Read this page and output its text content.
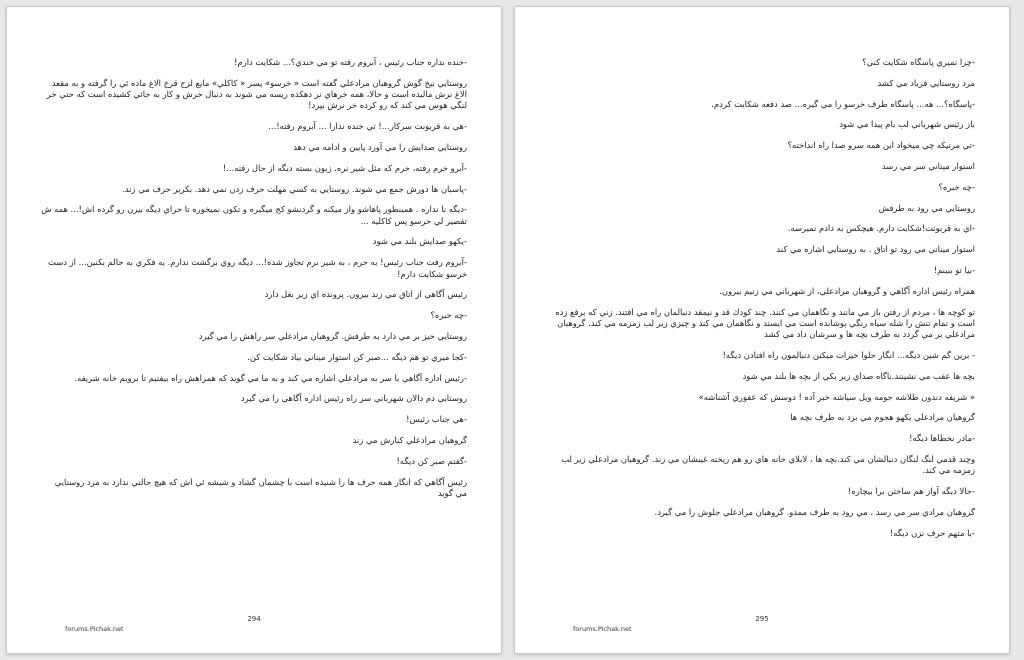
-خنده نداره جناب رئيس ، آبروم رفته تو مي خندي؟... شکايت دارم!

روستايي نيخ گوش گروهبان مرادعلي گفته است « خرسو» پسر « كاكلي» مايع لزج قرخ الاغ ماده ئي را گرفته و به مقعد الاغ نرش ماليده است و حالا، همه خرهاي نر دهكده ريسه مي شوند به دنبال خرش و كار به جائي كشيده است كه حتي خر لنگي هوس مي كند كه رو كرده خر نرش بپرد!

-هي به قربونت سركار...! تي خنده ندارا ... آبروم رفته!...

روستايي صدايش را مي آورد پايين و ادامه مي دهد

-آبرو خرم رفته، خرم كه مثل شير نره. زبون بسته ديگه از حال رفته...!

-پاسبان ها دورش جمع مي شوند. روستايي به كسي مهلت حرف زدن نمي دهد. بكرير حرف مي زند.

-ديگه نا نداره . همينطور پاهاشو واز ميكنه و گردنشو كج ميگيره و تكون نميخوره تا حراي ديگه بيرن رو گرده اش!... همه ش تقصير لي خرسو پس كاكليه ...

-يکهو صدايش بلند مي شود

-آبروم رفت جناب رئيس! به حرم ، به شير نرم تجاوز شده!... ديگه روي برگشت ندارم. يه فكري به حالم بكنين... از دست خرسو شکايت دارم!

رئيس آگاهي از اتاق مي زند بيرون. پرونده اي زير بغل دارد

-چه خبره؟

روستايي خيز بر مي دارد به طرفش. گروهبان مرادعلي سر راهش را مي گيرد

-كجا ميري تو هم ديگه ...صبر كن استوار ميناني بياد شكايت كن.

-رئيس اداره آگاهي با سر به مرادعلي اشاره مي كند و به ما مي گويد كه همراهش راه بيفتيم تا برويم خانه شريفه.

روستايي دم دالان شهرباني سر راه رئيس اداره آگاهي را مي گيرد

-هي جناب رئيس!

گروهبان مرادعلي كنارش مي زند

-گفتم صبر كن ديگه!

رئيس آگاهي كه انگار همه حرف ها را شنيده است با چشمان گشاد و شيشه ئي اش كه هيچ حالتي ندارد به مرد روستايي مي گويد

294
forums.Pichak.net

-چرا نميري پاسگاه شكايت كني؟

مرد روستايي فرياد مي كشد

-پاسگاه؟... هه... پاسگاه طرف خرسو را مي گيره... صد دفعه شكايت كردم.

باز رئيس شهرباني لب بام پيدا مي شود

-تي مرتيكه چي ميخواد اين همه سرو صدا راه انداخته؟

استوار ميناني سر مي رسد

-چه خبره؟

روستايي مي رود به طرفش

-اي به قربونت!شكايت دارم. هيچكس به دادم نميرسه.

استوار ميناني مي رود تو اتاق . به روستايي اشاره مي كند

-بيا تو ببينم!

همراه رئيس اداره آگاهي و گروهبان مرادعلي، از شهرباني مي زنيم بيرون.

تو كوچه ها ، مردم از رفتن باز مي مانند و نگاهمان مي كنند. چند كودك قد و نيمقد دنبالمان راه مي افتند. زني كه برقع زده است و تمام تنش را شله سياه رنگي پوشانده است مي ايستد و نگاهمان مي كند و چيزي زير لب زمزمه مي كند. گروهبان مرادعلي بر مي گردد به طرف بچه ها و سرشان داد مي كشد

- برين گم شين ديگه... انگار حلوا خيرات ميكنن دنبالمون راه افتادن ديگه!

بچه ها عقب مي نشينند.ناگاه صداي زير يكي از بچه ها بلند مي شود

« شريفه دندون طلاشه جومه ويل سياشه خبر آده ! دوسش كه عفوري آشناشه»

گروهبان مرادعلي يكهو هجوم مي برد به طرف بچه ها

-مادر نخطاها ديگه!

وچند قدمي لنگ لنگان دنبالشان مي كند.بچه ها ، لابلاي خانه هاي رو هم ريخته غيبشان مي زند. گروهبان مرادعلي زير لب زمزمه مي كند.

-حالا ديگه آواز هم ساختن برا بيچاره!

گروهبان مرادي سر مي رسد ، مي رود به طرف ممدو. گروهبان مرادعلي جلوش را مي گيرد.

-با متهم حرف نزن ديگه!

295
forums.Pichak.net
